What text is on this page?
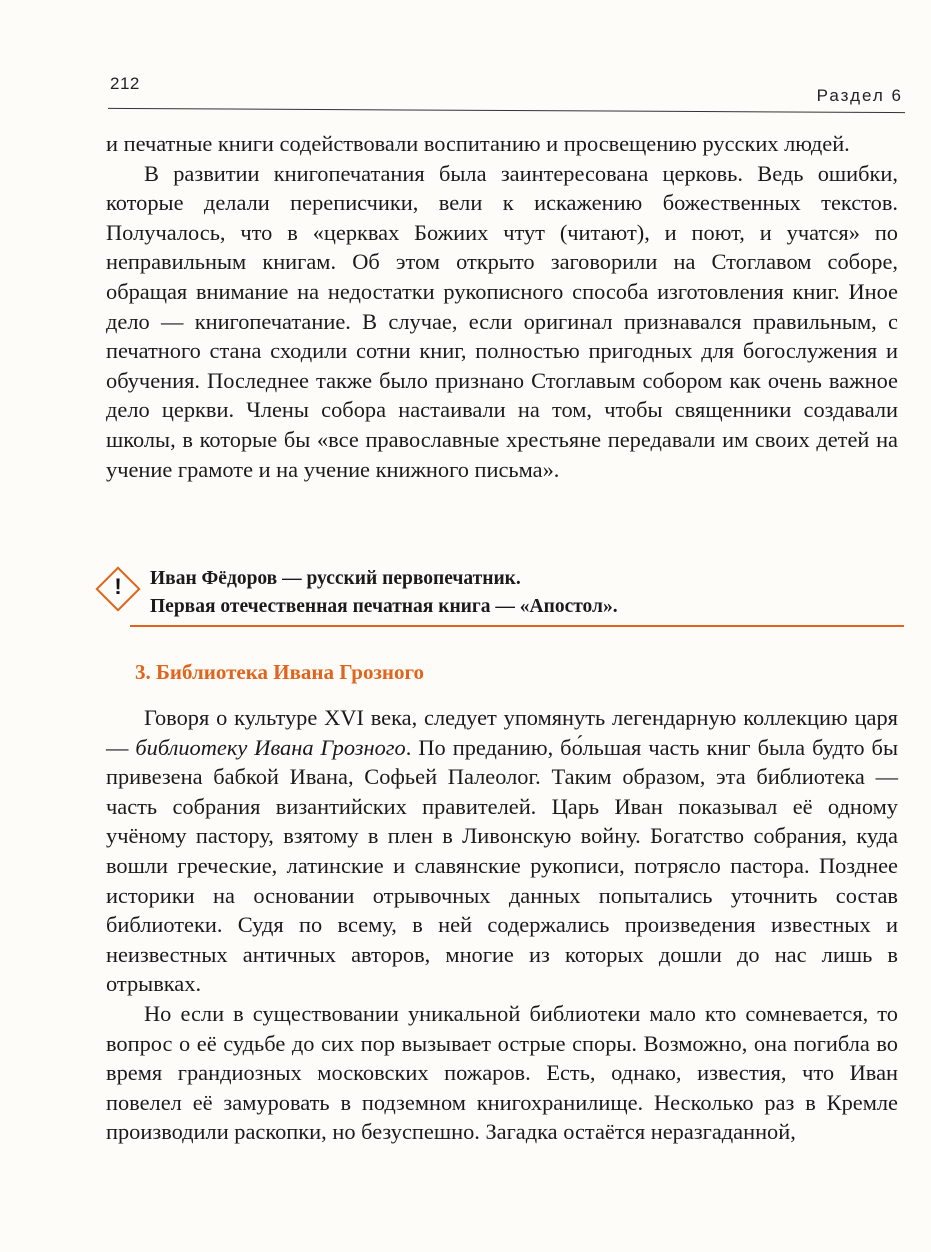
212
Раздел 6

и печатные книги содействовали воспитанию и просвещению русских людей.

В развитии книгопечатания была заинтересована церковь. Ведь ошибки, которые делали переписчики, вели к искажению божественных текстов. Получалось, что в «церквах Божиих чтут (читают), и поют, и учатся» по неправильным книгам. Об этом открыто заговорили на Стоглавом соборе, обращая внимание на недостатки рукописного способа изготовления книг. Иное дело — книгопечатание. В случае, если оригинал признавался правильным, с печатного стана сходили сотни книг, полностью пригодных для богослужения и обучения. Последнее также было признано Стоглавым собором как очень важное дело церкви. Члены собора настаивали на том, чтобы священники создавали школы, в которые бы «все православные хрестьяне передавали им своих детей на учение грамоте и на учение книжного письма».

!	Иван Фёдоров — русский первопечатник.

Первая отечественная печатная книга — «Апостол».

3. Библиотека Ивана Грозного

Говоря о культуре XVI века, следует упомянуть легендарную коллекцию царя — библиотеку Ивана Грозного. По преданию, бо́льшая часть книг была будто бы привезена бабкой Ивана, Софьей Палеолог. Таким образом, эта библиотека — часть собрания византийских правителей. Царь Иван показывал её одному учёному пастору, взятому в плен в Ливонскую войну. Богатство собрания, куда вошли греческие, латинские и славянские рукописи, потрясло пастора. Позднее историки на основании отрывочных данных попытались уточнить состав библиотеки. Судя по всему, в ней содержались произведения известных и неизвестных античных авторов, многие из которых дошли до нас лишь в отрывках.

Но если в существовании уникальной библиотеки мало кто сомневается, то вопрос о её судьбе до сих пор вызывает острые споры. Возможно, она погибла во время грандиозных московских пожаров. Есть, однако, известия, что Иван повелел её замуровать в подземном книгохранилище. Несколько раз в Кремле производили раскопки, но безуспешно. Загадка остаётся неразгаданной,
